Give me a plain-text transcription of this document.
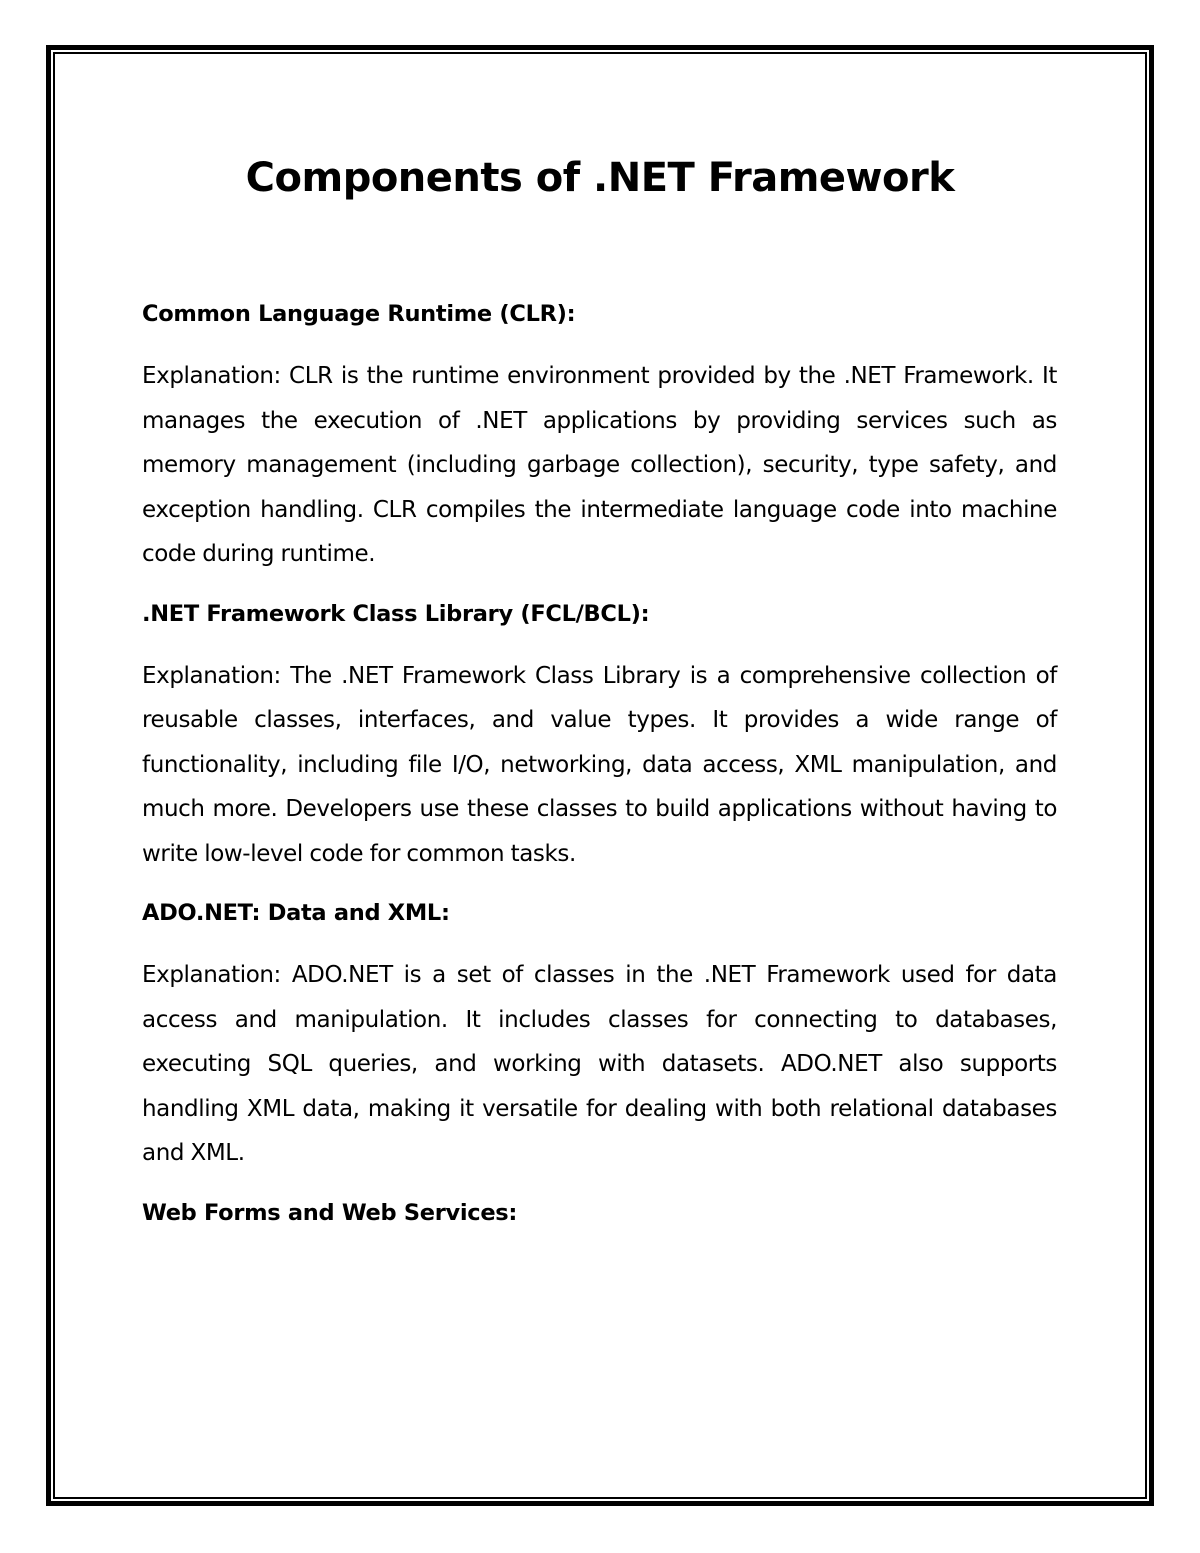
Components of .NET Framework
Common Language Runtime (CLR):

Explanation: CLR is the runtime environment provided by the .NET Framework. It manages the execution of .NET applications by providing services such as memory management (including garbage collection), security, type safety, and exception handling. CLR compiles the intermediate language code into machine code during runtime.

.NET Framework Class Library (FCL/BCL):

Explanation: The .NET Framework Class Library is a comprehensive collection of reusable classes, interfaces, and value types. It provides a wide range of functionality, including file I/O, networking, data access, XML manipulation, and much more. Developers use these classes to build applications without having to write low-level code for common tasks.

ADO.NET: Data and XML:

Explanation: ADO.NET is a set of classes in the .NET Framework used for data access and manipulation. It includes classes for connecting to databases, executing SQL queries, and working with datasets. ADO.NET also supports handling XML data, making it versatile for dealing with both relational databases and XML.

Web Forms and Web Services:
